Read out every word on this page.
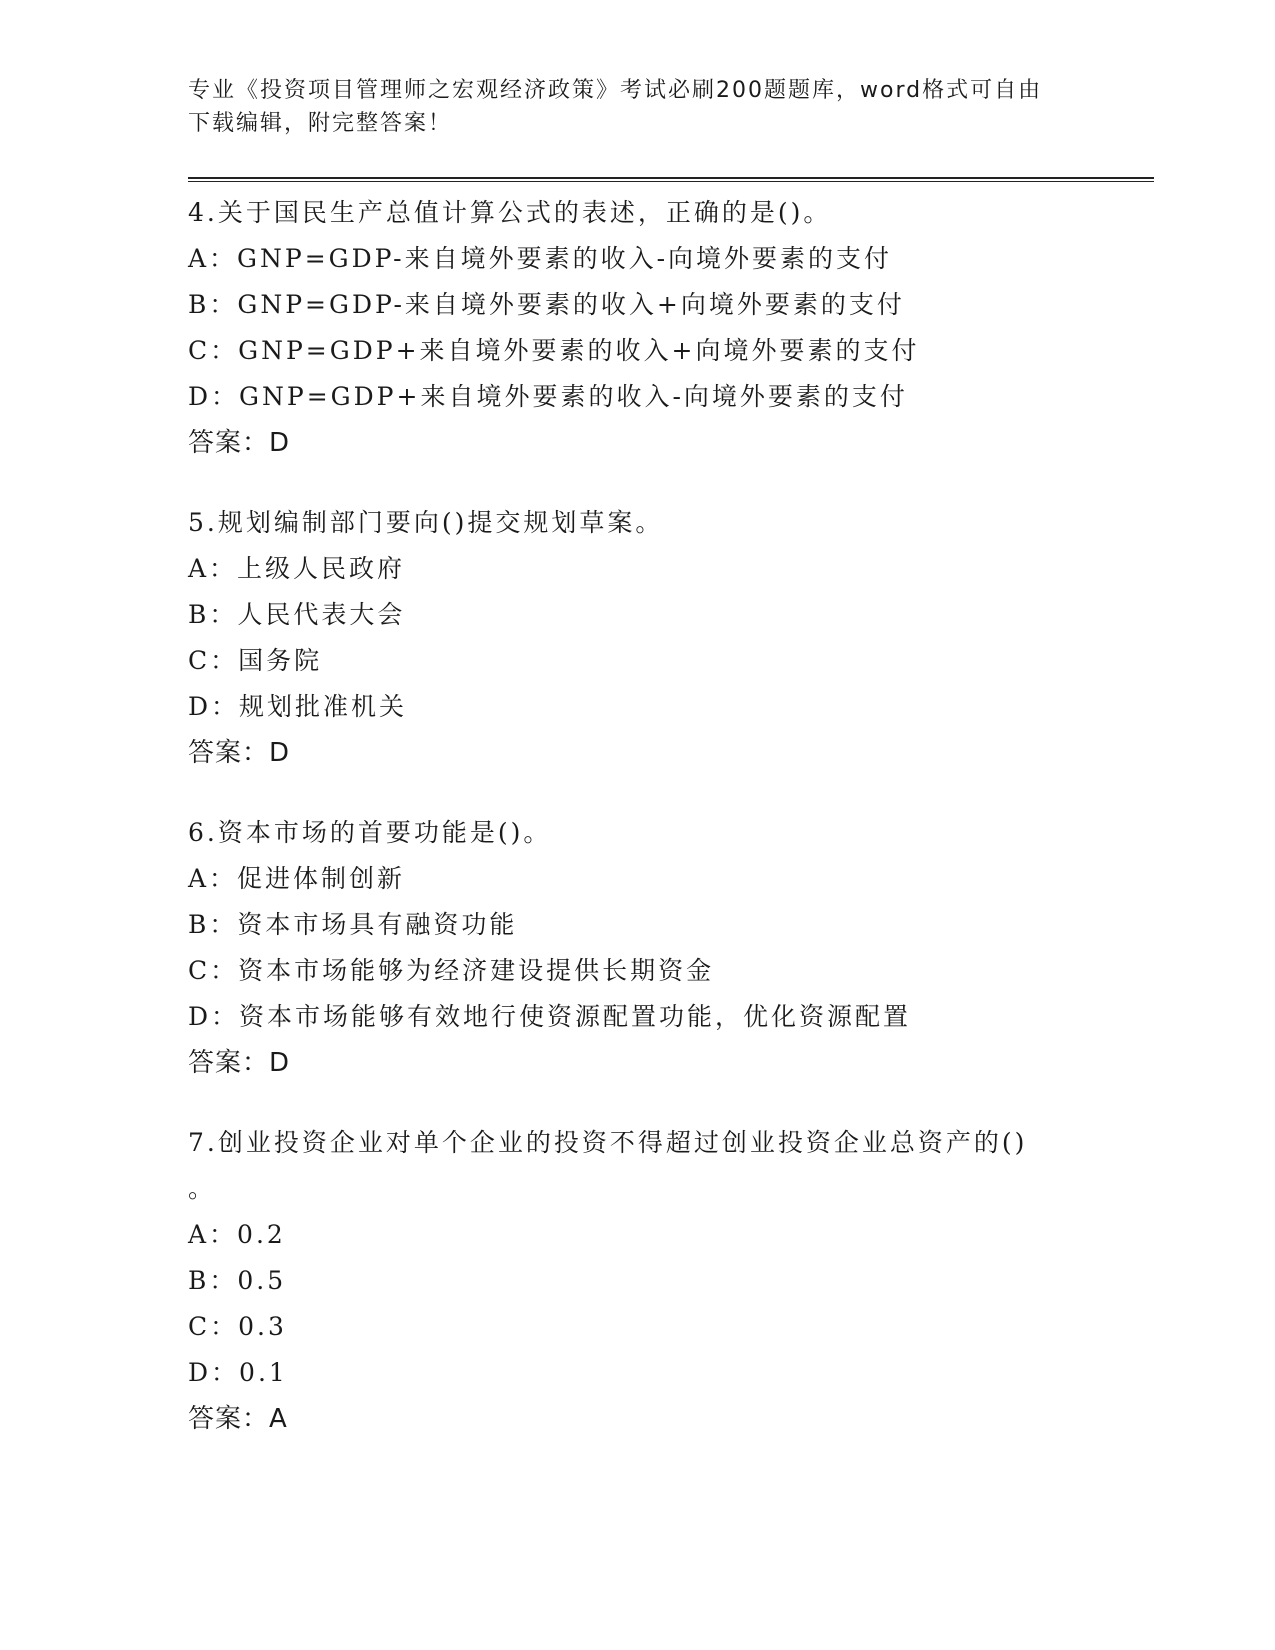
专业《投资项目管理师之宏观经济政策》考试必刷200题题库，word格式可自由
下载编辑，附完整答案！
4.关于国民生产总值计算公式的表述，正确的是()。
A：GNP=GDP-来自境外要素的收入-向境外要素的支付
B：GNP=GDP-来自境外要素的收入+向境外要素的支付
C：GNP=GDP+来自境外要素的收入+向境外要素的支付
D：GNP=GDP+来自境外要素的收入-向境外要素的支付
答案：D
5.规划编制部门要向()提交规划草案。
A：上级人民政府
B：人民代表大会
C：国务院
D：规划批准机关
答案：D
6.资本市场的首要功能是()。
A：促进体制创新
B：资本市场具有融资功能
C：资本市场能够为经济建设提供长期资金
D：资本市场能够有效地行使资源配置功能，优化资源配置
答案：D
7.创业投资企业对单个企业的投资不得超过创业投资企业总资产的()
。
A：0.2
B：0.5
C：0.3
D：0.1
答案：A
